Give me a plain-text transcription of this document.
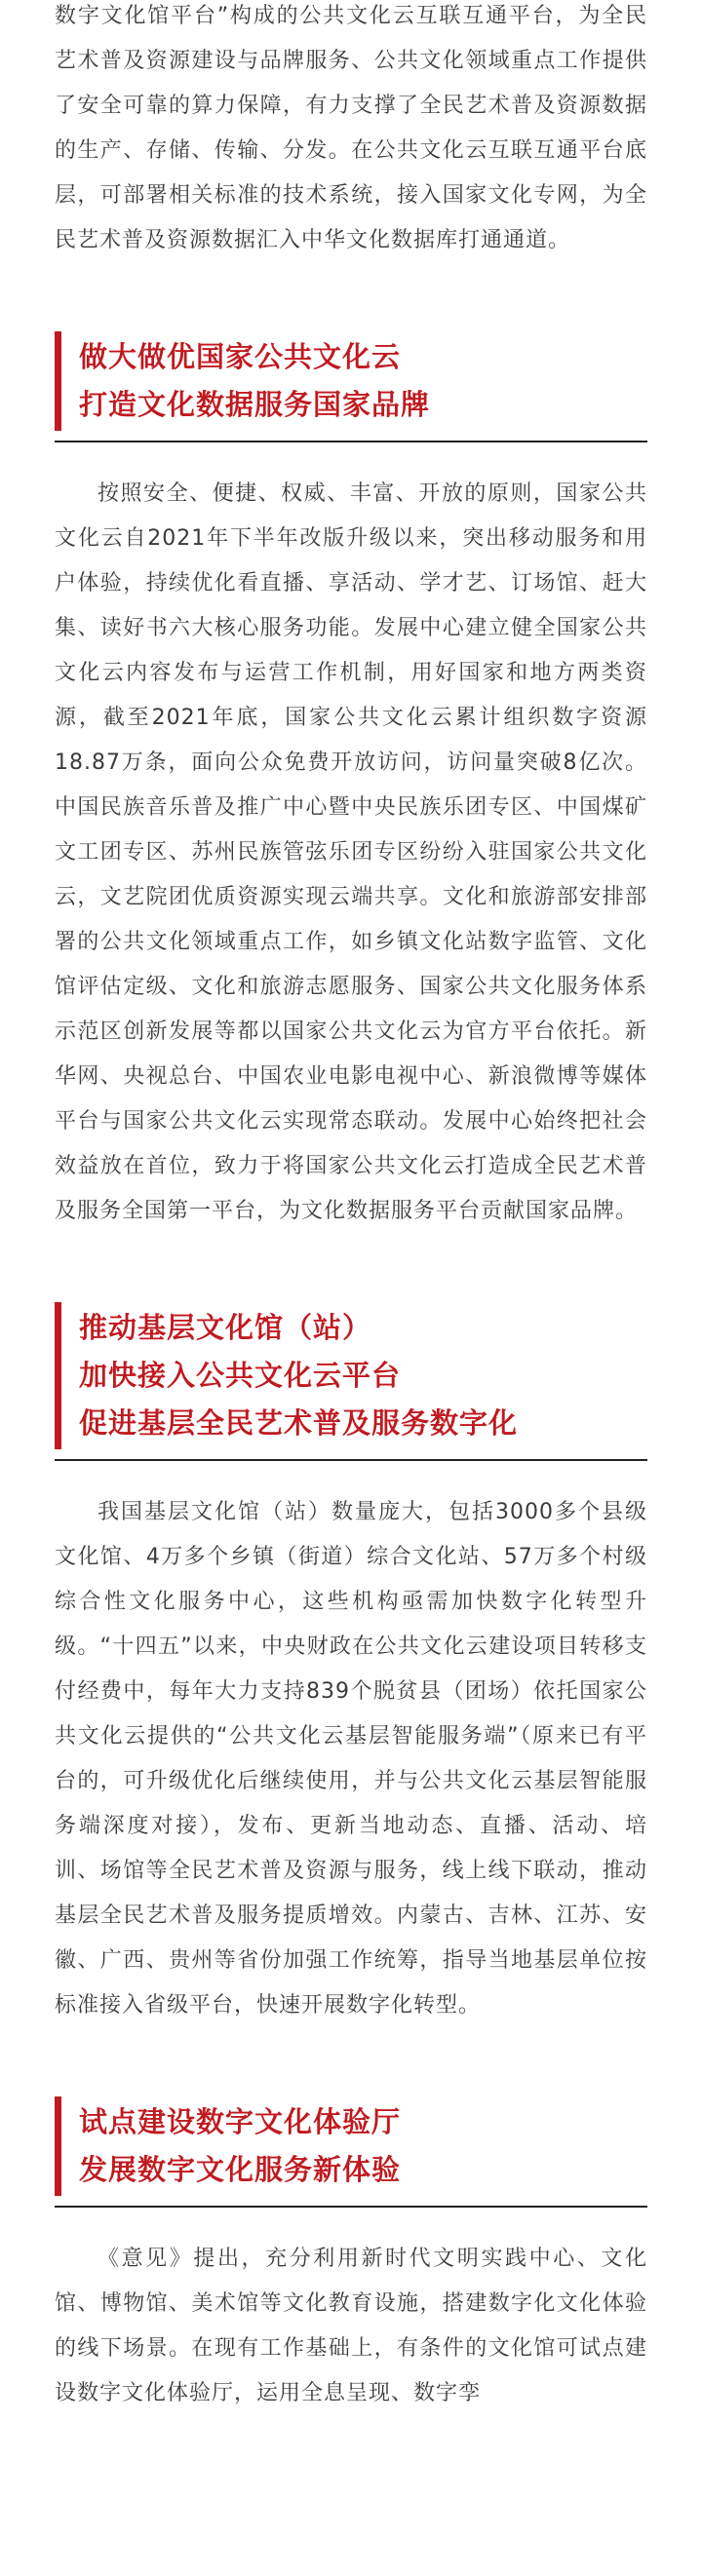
数字文化馆平台”构成的公共文化云互联互通平台，为全民艺术普及资源建设与品牌服务、公共文化领域重点工作提供了安全可靠的算力保障，有力支撑了全民艺术普及资源数据的生产、存储、传输、分发。在公共文化云互联互通平台底层，可部署相关标准的技术系统，接入国家文化专网，为全民艺术普及资源数据汇入中华文化数据库打通通道。

做大做优国家公共文化云
打造文化数据服务国家品牌

按照安全、便捷、权威、丰富、开放的原则，国家公共文化云自2021年下半年改版升级以来，突出移动服务和用户体验，持续优化看直播、享活动、学才艺、订场馆、赶大集、读好书六大核心服务功能。发展中心建立健全国家公共文化云内容发布与运营工作机制，用好国家和地方两类资源，截至2021年底，国家公共文化云累计组织数字资源18.87万条，面向公众免费开放访问，访问量突破8亿次。中国民族音乐普及推广中心暨中央民族乐团专区、中国煤矿文工团专区、苏州民族管弦乐团专区纷纷入驻国家公共文化云，文艺院团优质资源实现云端共享。文化和旅游部安排部署的公共文化领域重点工作，如乡镇文化站数字监管、文化馆评估定级、文化和旅游志愿服务、国家公共文化服务体系示范区创新发展等都以国家公共文化云为官方平台依托。新华网、央视总台、中国农业电影电视中心、新浪微博等媒体平台与国家公共文化云实现常态联动。发展中心始终把社会效益放在首位，致力于将国家公共文化云打造成全民艺术普及服务全国第一平台，为文化数据服务平台贡献国家品牌。

推动基层文化馆（站）
加快接入公共文化云平台
促进基层全民艺术普及服务数字化

我国基层文化馆（站）数量庞大，包括3000多个县级文化馆、4万多个乡镇（街道）综合文化站、57万多个村级综合性文化服务中心，这些机构亟需加快数字化转型升级。“十四五”以来，中央财政在公共文化云建设项目转移支付经费中，每年大力支持839个脱贫县（团场）依托国家公共文化云提供的“公共文化云基层智能服务端”（原来已有平台的，可升级优化后继续使用，并与公共文化云基层智能服务端深度对接），发布、更新当地动态、直播、活动、培训、场馆等全民艺术普及资源与服务，线上线下联动，推动基层全民艺术普及服务提质增效。内蒙古、吉林、江苏、安徽、广西、贵州等省份加强工作统筹，指导当地基层单位按标准接入省级平台，快速开展数字化转型。

试点建设数字文化体验厅
发展数字文化服务新体验

《意见》提出，充分利用新时代文明实践中心、文化馆、博物馆、美术馆等文化教育设施，搭建数字化文化体验的线下场景。在现有工作基础上，有条件的文化馆可试点建设数字文化体验厅，运用全息呈现、数字孪
